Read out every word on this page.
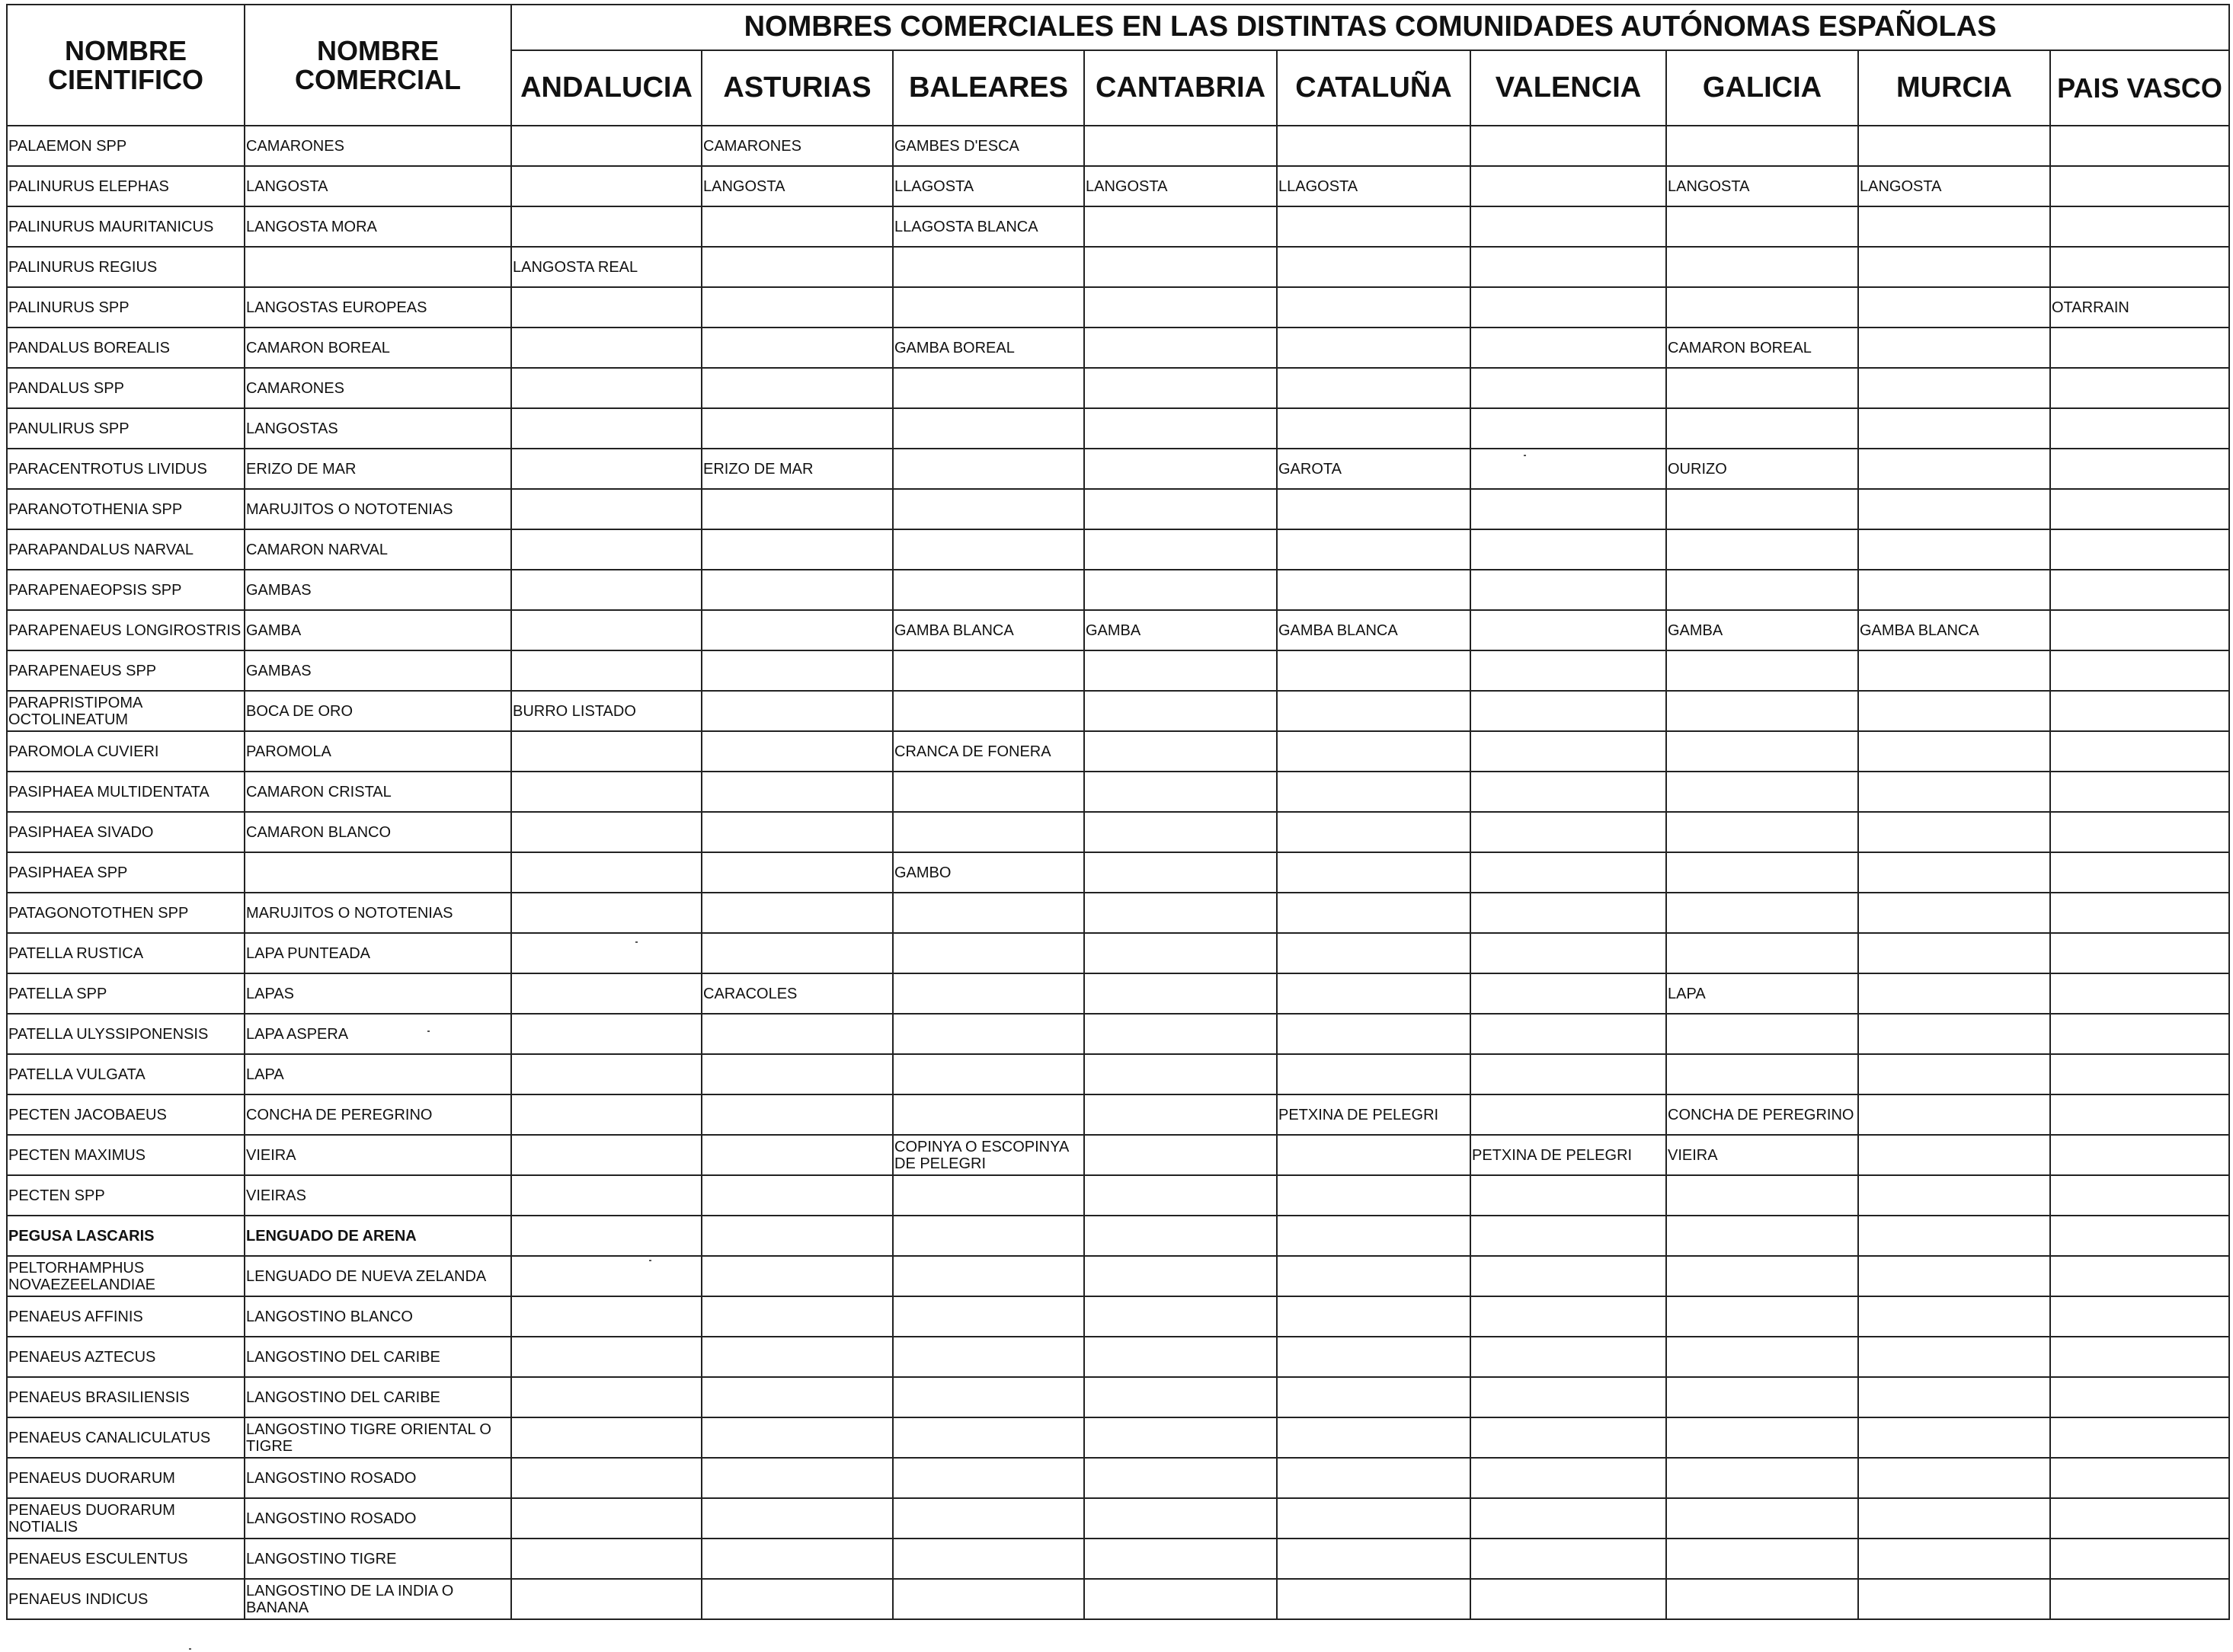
NOMBRE CIENTIFICO	NOMBRE COMERCIAL	NOMBRES COMERCIALES EN LAS DISTINTAS COMUNIDADES AUTÓNOMAS ESPAÑOLAS								
		ANDALUCIA	ASTURIAS	BALEARES	CANTABRIA	CATALUÑA	VALENCIA	GALICIA	MURCIA	PAIS VASCO
PALAEMON SPP	CAMARONES		CAMARONES	GAMBES D'ESCA						
PALINURUS ELEPHAS	LANGOSTA		LANGOSTA	LLAGOSTA	LANGOSTA	LLAGOSTA		LANGOSTA	LANGOSTA	
PALINURUS MAURITANICUS	LANGOSTA MORA			LLAGOSTA BLANCA						
PALINURUS REGIUS		LANGOSTA REAL								
PALINURUS SPP	LANGOSTAS EUROPEAS									OTARRAIN
PANDALUS BOREALIS	CAMARON BOREAL			GAMBA BOREAL				CAMARON BOREAL		
PANDALUS SPP	CAMARONES									
PANULIRUS SPP	LANGOSTAS									
PARACENTROTUS LIVIDUS	ERIZO DE MAR		ERIZO DE MAR			GAROTA		OURIZO		
PARANOTOTHENIA SPP	MARUJITOS O NOTOTENIAS									
PARAPANDALUS NARVAL	CAMARON NARVAL									
PARAPENAEOPSIS SPP	GAMBAS									
PARAPENAEUS LONGIROSTRIS	GAMBA			GAMBA BLANCA	GAMBA	GAMBA BLANCA		GAMBA	GAMBA BLANCA	
PARAPENAEUS SPP	GAMBAS									
PARAPRISTIPOMA OCTOLINEATUM	BOCA DE ORO	BURRO LISTADO								
PAROMOLA CUVIERI	PAROMOLA			CRANCA DE FONERA						
PASIPHAEA MULTIDENTATA	CAMARON CRISTAL									
PASIPHAEA SIVADO	CAMARON BLANCO									
PASIPHAEA SPP				GAMBO						
PATAGONOTOTHEN SPP	MARUJITOS O NOTOTENIAS									
PATELLA RUSTICA	LAPA PUNTEADA									
PATELLA SPP	LAPAS		CARACOLES					LAPA		
PATELLA ULYSSIPONENSIS	LAPA ASPERA									
PATELLA VULGATA	LAPA									
PECTEN JACOBAEUS	CONCHA DE PEREGRINO					PETXINA DE PELEGRI		CONCHA DE PEREGRINO		
PECTEN MAXIMUS	VIEIRA			COPINYA O ESCOPINYA DE PELEGRI			PETXINA DE PELEGRI	VIEIRA		
PECTEN SPP	VIEIRAS									
PEGUSA LASCARIS	LENGUADO DE ARENA									
PELTORHAMPHUS NOVAEZEELANDIAE	LENGUADO DE NUEVA ZELANDA									
PENAEUS AFFINIS	LANGOSTINO BLANCO									
PENAEUS AZTECUS	LANGOSTINO DEL CARIBE									
PENAEUS BRASILIENSIS	LANGOSTINO DEL CARIBE									
PENAEUS CANALICULATUS	LANGOSTINO TIGRE ORIENTAL O TIGRE									
PENAEUS DUORARUM	LANGOSTINO ROSADO									
PENAEUS DUORARUM NOTIALIS	LANGOSTINO ROSADO									
PENAEUS ESCULENTUS	LANGOSTINO TIGRE									
PENAEUS INDICUS	LANGOSTINO DE LA INDIA O BANANA									
